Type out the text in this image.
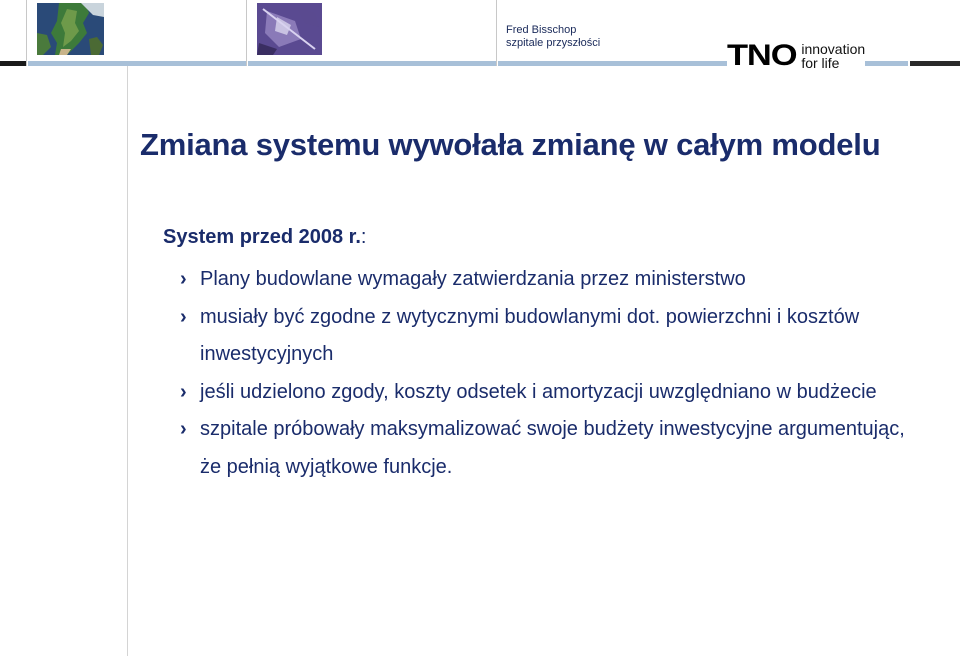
Fred Bisschop
szpitale przyszłości	TNO innovation
for life
Zmiana systemu wywołała zmianę w całym modelu
System przed 2008 r.:
› Plany budowlane wymagały zatwierdzania przez ministerstwo
› musiały być zgodne z wytycznymi budowlanymi dot. powierzchni i kosztów inwestycyjnych
› jeśli udzielono zgody, koszty odsetek i amortyzacji uwzględniano w budżecie
› szpitale próbowały maksymalizować swoje budżety inwestycyjne argumentując, że pełnią wyjątkowe funkcje.
